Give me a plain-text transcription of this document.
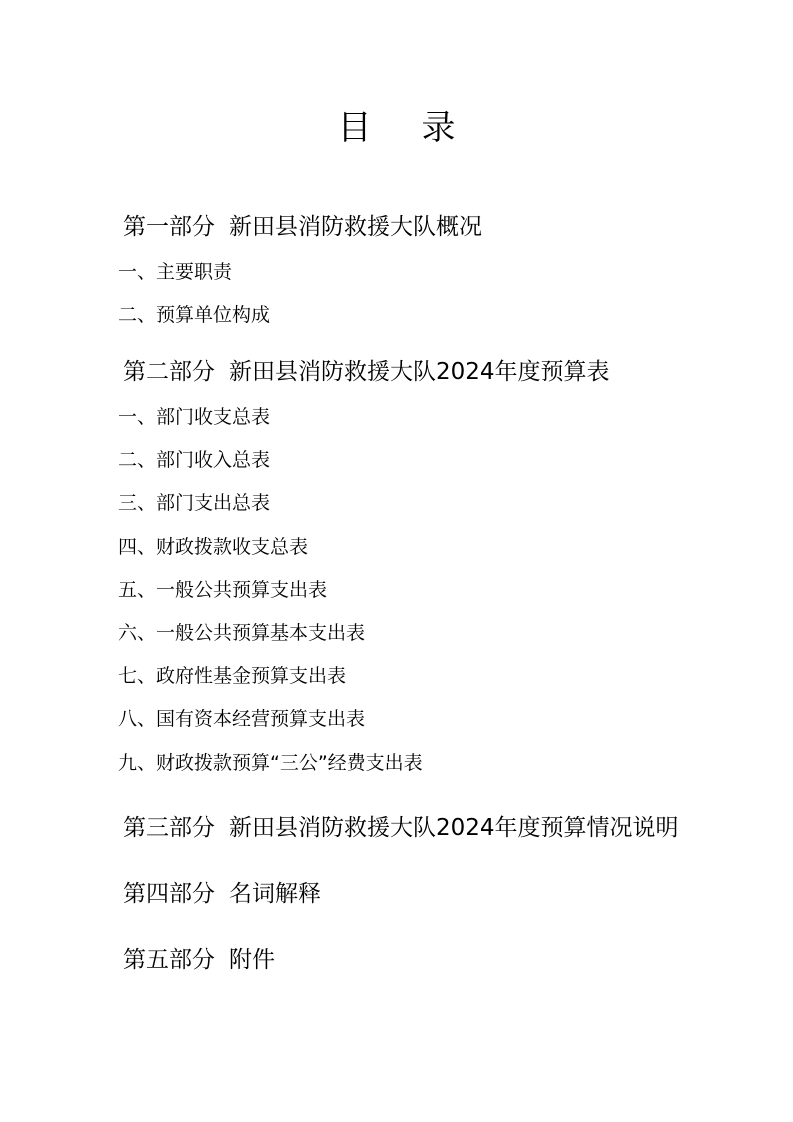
目录
第一部分 新田县消防救援大队概况
一、主要职责
二、预算单位构成
第二部分 新田县消防救援大队2024年度预算表
一、部门收支总表
二、部门收入总表
三、部门支出总表
四、财政拨款收支总表
五、一般公共预算支出表
六、一般公共预算基本支出表
七、政府性基金预算支出表
八、国有资本经营预算支出表
九、财政拨款预算“三公”经费支出表
第三部分 新田县消防救援大队2024年度预算情况说明
第四部分 名词解释
第五部分 附件
